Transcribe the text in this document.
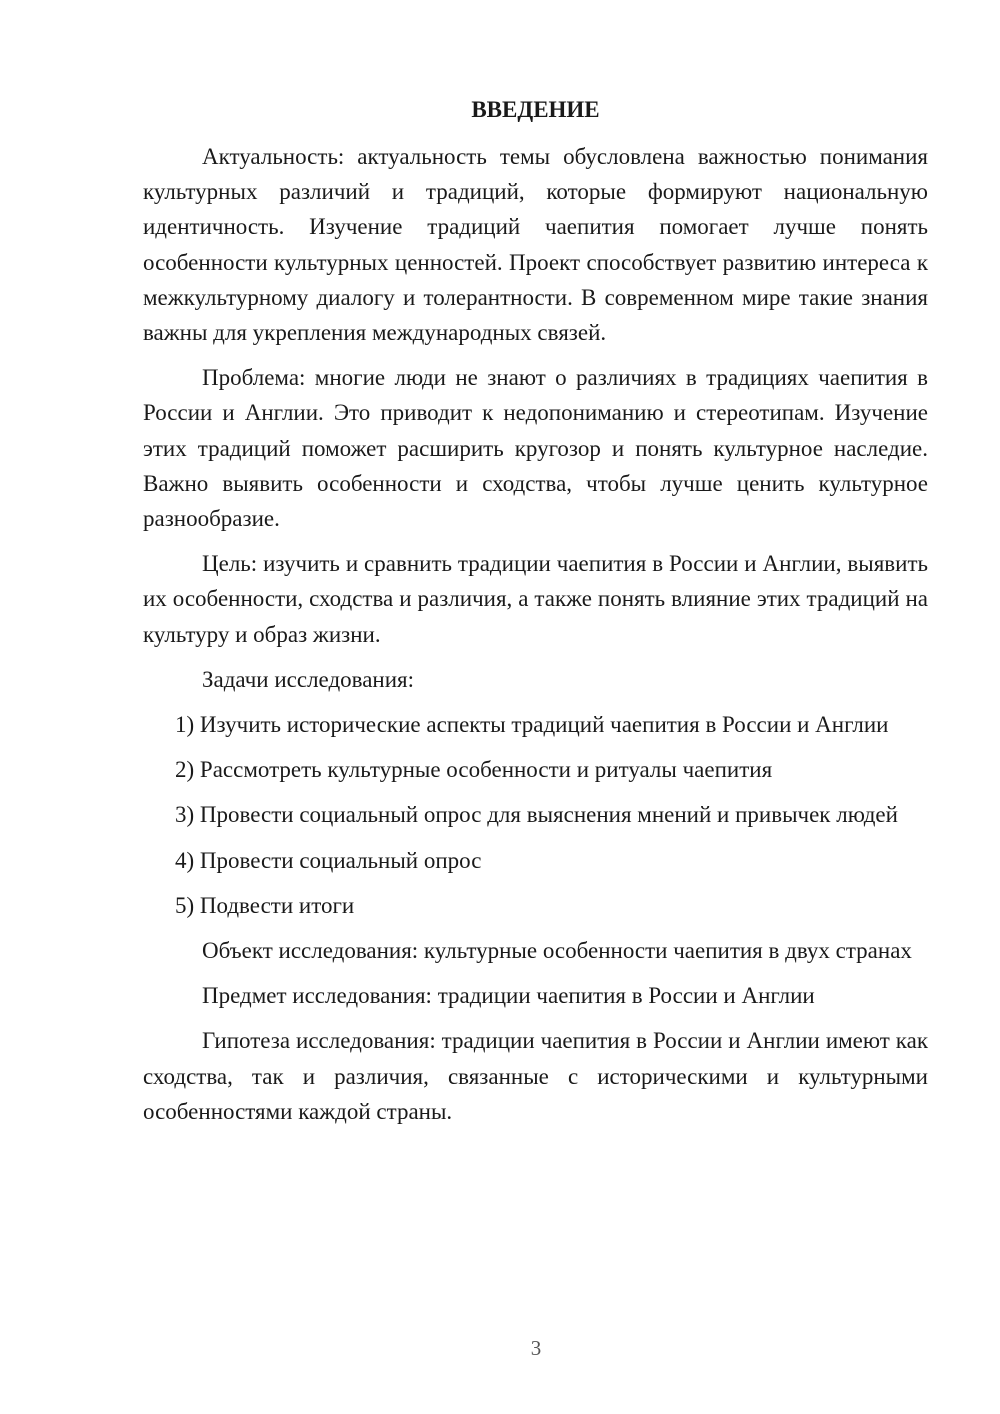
ВВЕДЕНИЕ

Актуальность: актуальность темы обусловлена важностью понимания культурных различий и традиций, которые формируют национальную идентичность. Изучение традиций чаепития помогает лучше понять особенности культурных ценностей. Проект способствует развитию интереса к межкультурному диалогу и толерантности. В современном мире такие знания важны для укрепления международных связей.

Проблема: многие люди не знают о различиях в традициях чаепития в России и Англии. Это приводит к недопониманию и стереотипам. Изучение этих традиций поможет расширить кругозор и понять культурное наследие. Важно выявить особенности и сходства, чтобы лучше ценить культурное разнообразие.

Цель: изучить и сравнить традиции чаепития в России и Англии, выявить их особенности, сходства и различия, а также понять влияние этих традиций на культуру и образ жизни.

Задачи исследования:

1) Изучить исторические аспекты традиций чаепития в России и Англии

2) Рассмотреть культурные особенности и ритуалы чаепития

3) Провести социальный опрос для выяснения мнений и привычек людей

4) Провести социальный опрос

5) Подвести итоги

Объект исследования: культурные особенности чаепития в двух странах

Предмет исследования: традиции чаепития в России и Англии

Гипотеза исследования: традиции чаепития в России и Англии имеют как сходства, так и различия, связанные с историческими и культурными особенностями каждой страны.

3
